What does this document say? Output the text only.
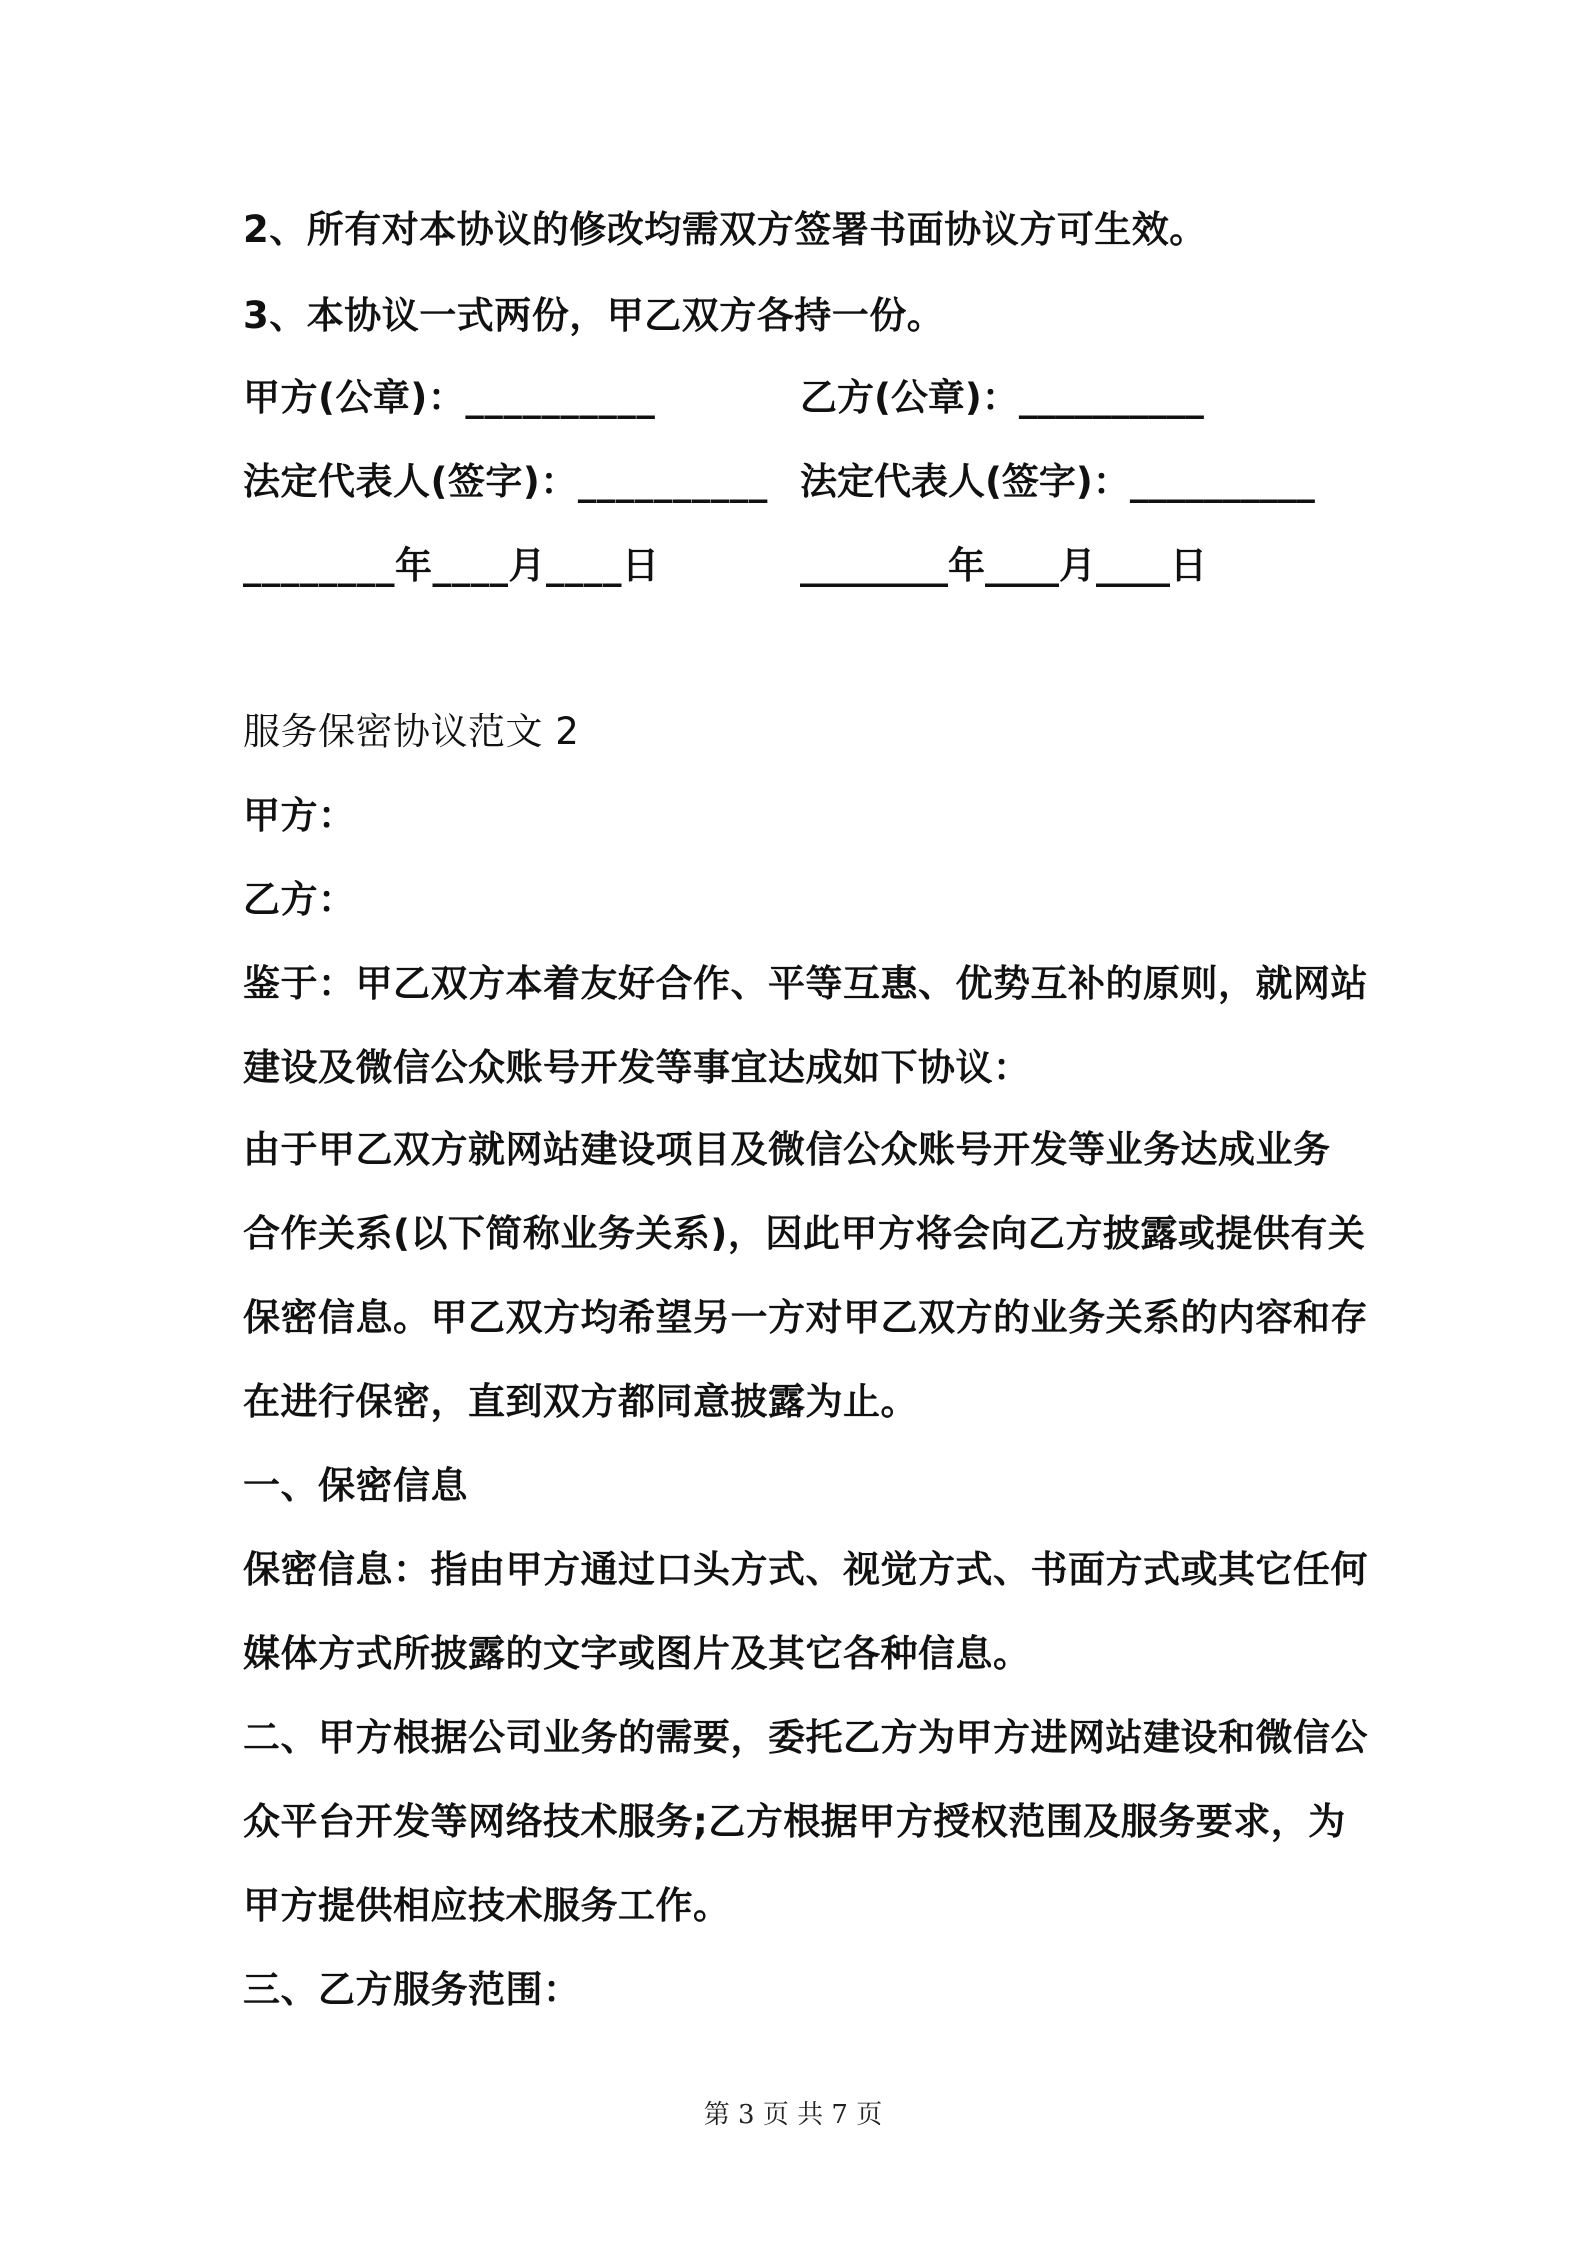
2、所有对本协议的修改均需双方签署书面协议方可生效。
3、本协议一式两份，甲乙双方各持一份。
甲方(公章)：__________	乙方(公章)：__________
法定代表人(签字)：__________ 法定代表人(签字)：__________
________年____月____日	________年____月____日
服务保密协议范文 2
甲方：
乙方：
鉴于：甲乙双方本着友好合作、平等互惠、优势互补的原则，就网站
建设及微信公众账号开发等事宜达成如下协议：
由于甲乙双方就网站建设项目及微信公众账号开发等业务达成业务
合作关系(以下简称业务关系)，因此甲方将会向乙方披露或提供有关
保密信息。甲乙双方均希望另一方对甲乙双方的业务关系的内容和存
在进行保密，直到双方都同意披露为止。
一、保密信息
保密信息：指由甲方通过口头方式、视觉方式、书面方式或其它任何
媒体方式所披露的文字或图片及其它各种信息。
二、甲方根据公司业务的需要，委托乙方为甲方进网站建设和微信公
众平台开发等网络技术服务;乙方根据甲方授权范围及服务要求，为
甲方提供相应技术服务工作。
三、乙方服务范围：
第 3 页 共 7 页
